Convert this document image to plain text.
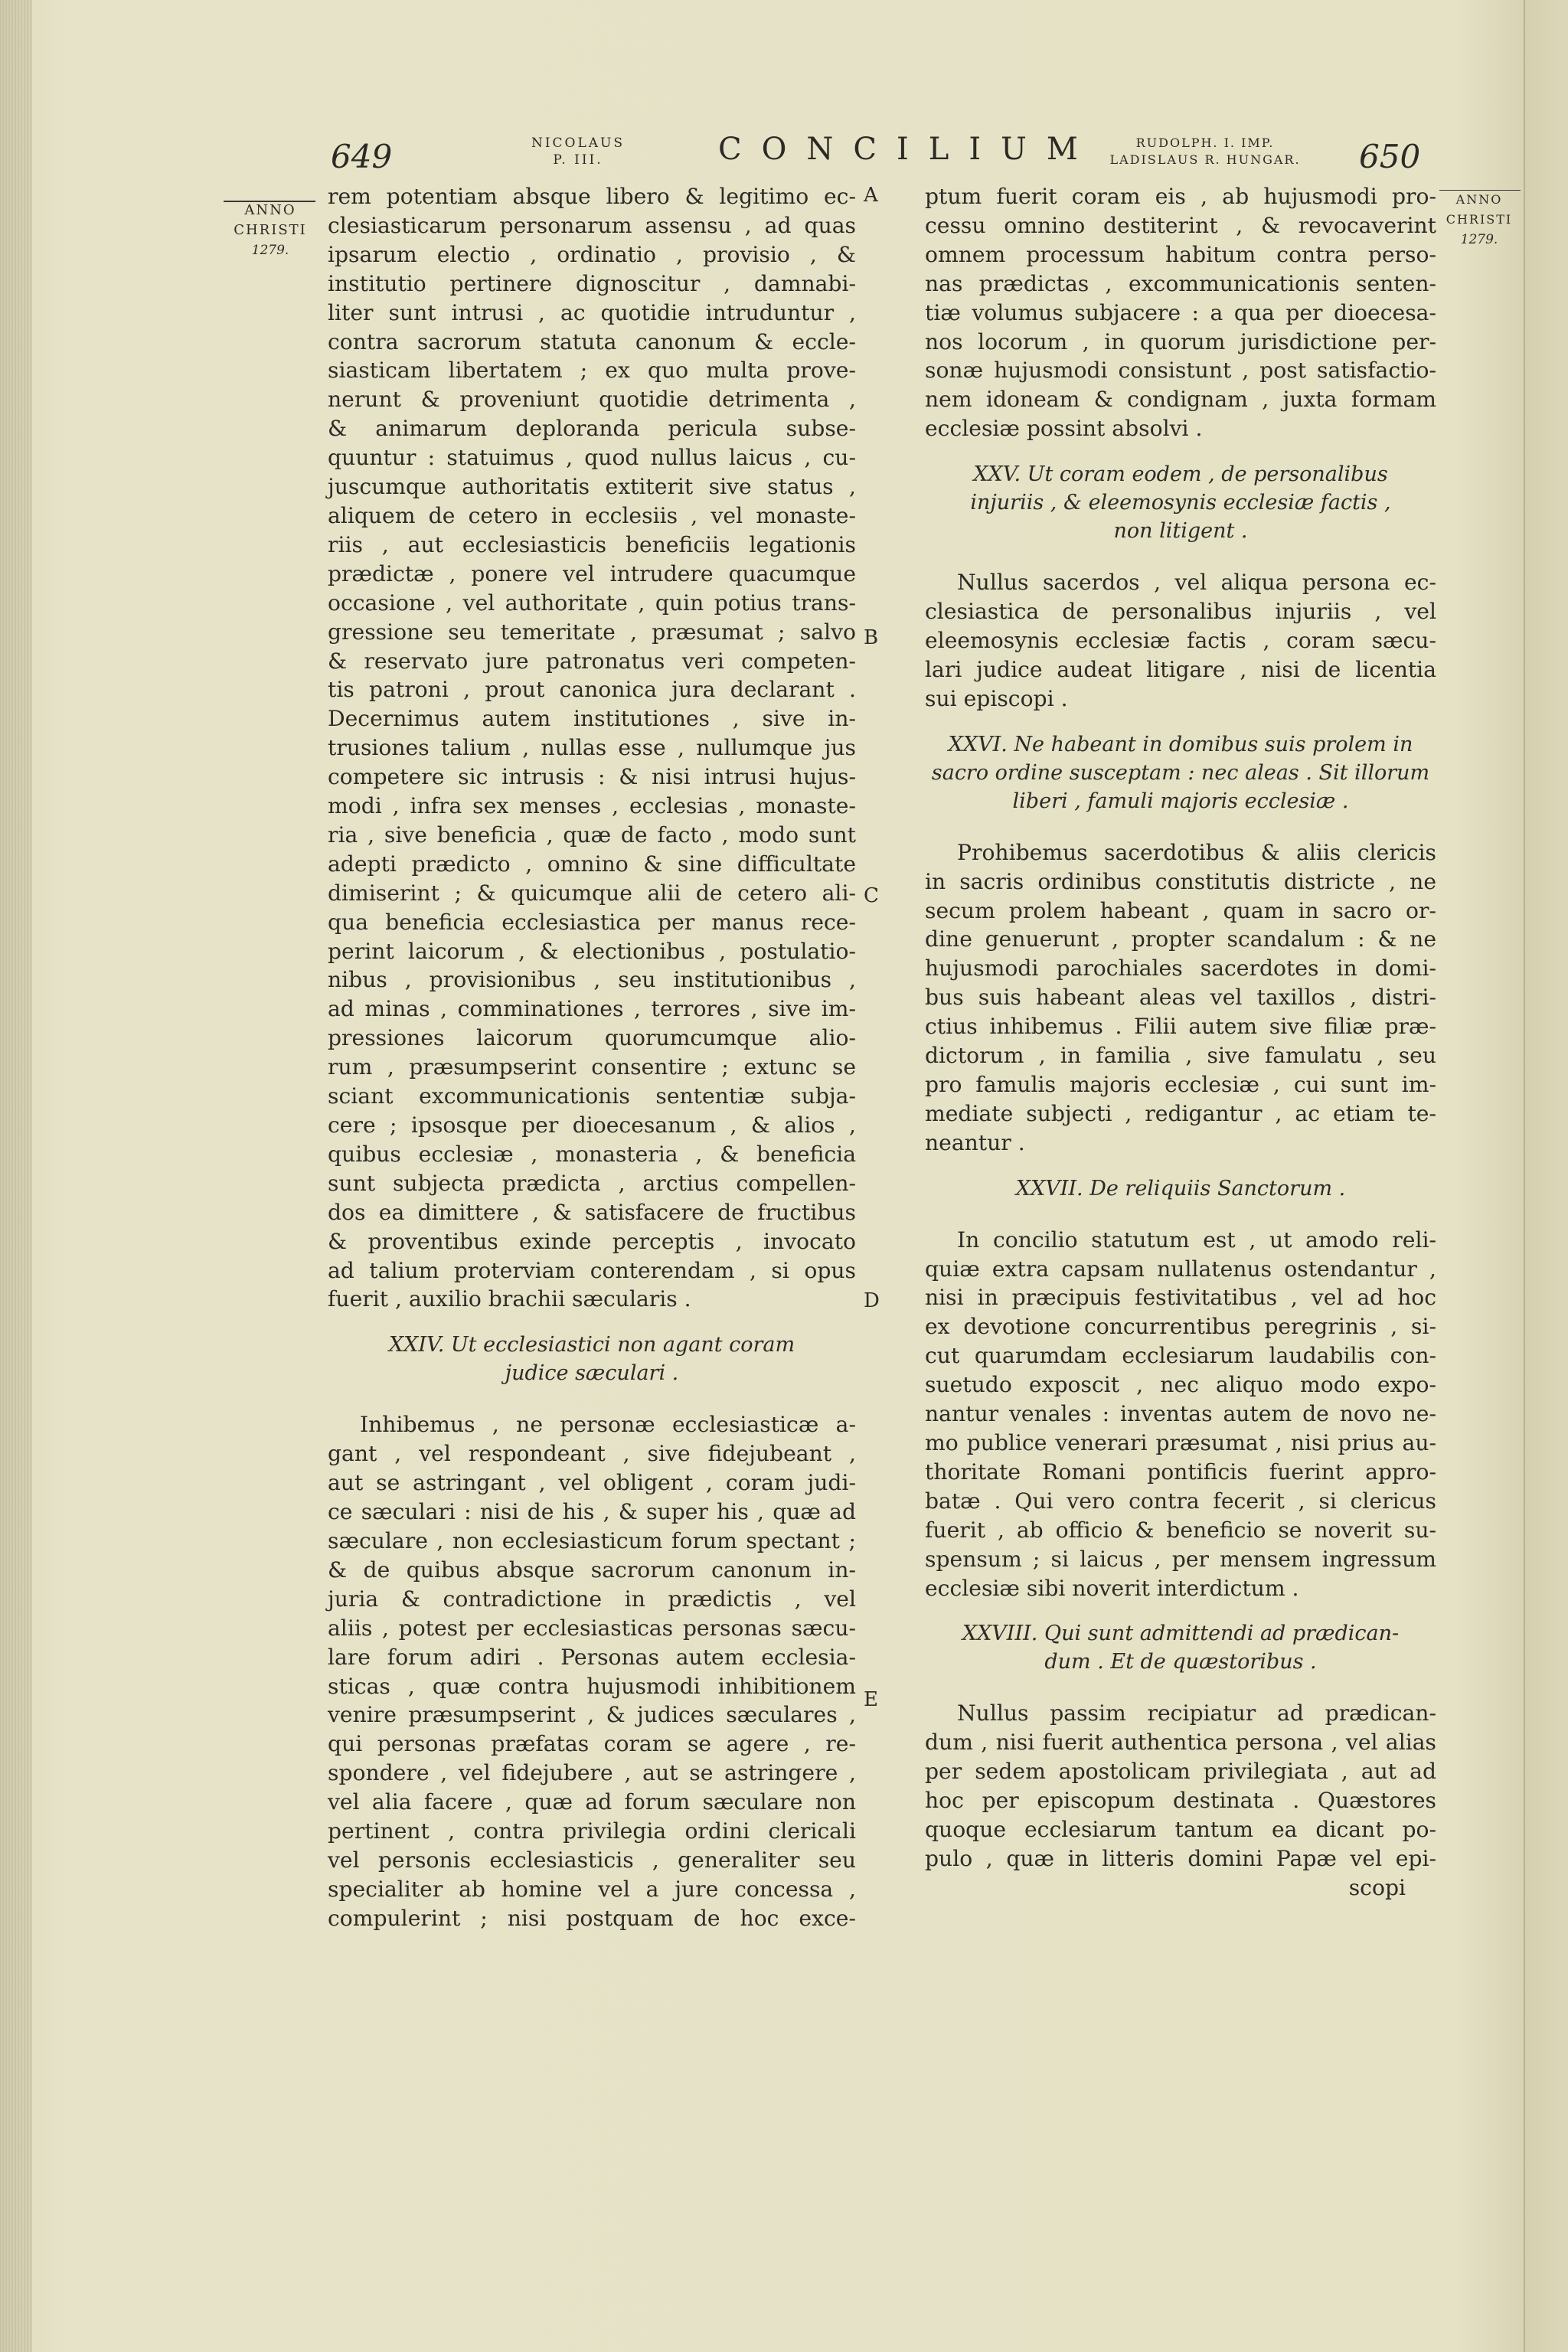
649	NICOLAUS
P. III.	CONCILIUM	RUDOLPH. I. IMP.
LADISLAUS R. HUNGAR.	650
ANNO
CHRISTI
1279.
ANNO
CHRISTI
1279.
A
B
C
D
E
rem potentiam absque libero & legitimo ec-
clesiasticarum personarum assensu , ad quas
ipsarum electio , ordinatio , provisio , &
institutio pertinere dignoscitur , damnabi-
liter sunt intrusi , ac quotidie intruduntur ,
contra sacrorum statuta canonum & eccle-
siasticam libertatem ; ex quo multa prove-
nerunt & proveniunt quotidie detrimenta ,
& animarum deploranda pericula subse-
quuntur : statuimus , quod nullus laicus , cu-
juscumque authoritatis extiterit sive status ,
aliquem de cetero in ecclesiis , vel monaste-
riis , aut ecclesiasticis beneficiis legationis
prædictæ , ponere vel intrudere quacumque
occasione , vel authoritate , quin potius trans-
gressione seu temeritate , præsumat ; salvo
& reservato jure patronatus veri competen-
tis patroni , prout canonica jura declarant .
Decernimus autem institutiones , sive in-
trusiones talium , nullas esse , nullumque jus
competere sic intrusis : & nisi intrusi hujus-
modi , infra sex menses , ecclesias , monaste-
ria , sive beneficia , quæ de facto , modo sunt
adepti prædicto , omnino & sine difficultate
dimiserint ; & quicumque alii de cetero ali-
qua beneficia ecclesiastica per manus rece-
perint laicorum , & electionibus , postulatio-
nibus , provisionibus , seu institutionibus ,
ad minas , comminationes , terrores , sive im-
pressiones laicorum quorumcumque alio-
rum , præsumpserint consentire ; extunc se
sciant excommunicationis sententiæ subja-
cere ; ipsosque per dioecesanum , & alios ,
quibus ecclesiæ , monasteria , & beneficia
sunt subjecta prædicta , arctius compellen-
dos ea dimittere , & satisfacere de fructibus
& proventibus exinde perceptis , invocato
ad talium proterviam conterendam , si opus
fuerit , auxilio brachii sæcularis .
XXIV. Ut ecclesiastici non agant coram
judice sæculari .
Inhibemus , ne personæ ecclesiasticæ a-
gant , vel respondeant , sive fidejubeant ,
aut se astringant , vel obligent , coram judi-
ce sæculari : nisi de his , & super his , quæ ad
sæculare , non ecclesiasticum forum spectant ;
& de quibus absque sacrorum canonum in-
juria & contradictione in prædictis , vel
aliis , potest per ecclesiasticas personas sæcu-
lare forum adiri . Personas autem ecclesia-
sticas , quæ contra hujusmodi inhibitionem
venire præsumpserint , & judices sæculares ,
qui personas præfatas coram se agere , re-
spondere , vel fidejubere , aut se astringere ,
vel alia facere , quæ ad forum sæculare non
pertinent , contra privilegia ordini clericali
vel personis ecclesiasticis , generaliter seu
specialiter ab homine vel a jure concessa ,
compulerint ; nisi postquam de hoc exce-
ptum fuerit coram eis , ab hujusmodi pro-
cessu omnino destiterint , & revocaverint
omnem processum habitum contra perso-
nas prædictas , excommunicationis senten-
tiæ volumus subjacere : a qua per dioecesa-
nos locorum , in quorum jurisdictione per-
sonæ hujusmodi consistunt , post satisfactio-
nem idoneam & condignam , juxta formam
ecclesiæ possint absolvi .
XXV. Ut coram eodem , de personalibus
injuriis , & eleemosynis ecclesiæ factis ,
non litigent .
Nullus sacerdos , vel aliqua persona ec-
clesiastica de personalibus injuriis , vel
eleemosynis ecclesiæ factis , coram sæcu-
lari judice audeat litigare , nisi de licentia
sui episcopi .
XXVI. Ne habeant in domibus suis prolem in
sacro ordine susceptam : nec aleas . Sit illorum
liberi , famuli majoris ecclesiæ .
Prohibemus sacerdotibus & aliis clericis
in sacris ordinibus constitutis districte , ne
secum prolem habeant , quam in sacro or-
dine genuerunt , propter scandalum : & ne
hujusmodi parochiales sacerdotes in domi-
bus suis habeant aleas vel taxillos , distri-
ctius inhibemus . Filii autem sive filiæ præ-
dictorum , in familia , sive famulatu , seu
pro famulis majoris ecclesiæ , cui sunt im-
mediate subjecti , redigantur , ac etiam te-
neantur .
XXVII. De reliquiis Sanctorum .
In concilio statutum est , ut amodo reli-
quiæ extra capsam nullatenus ostendantur ,
nisi in præcipuis festivitatibus , vel ad hoc
ex devotione concurrentibus peregrinis , si-
cut quarumdam ecclesiarum laudabilis con-
suetudo exposcit , nec aliquo modo expo-
nantur venales : inventas autem de novo ne-
mo publice venerari præsumat , nisi prius au-
thoritate Romani pontificis fuerint appro-
batæ . Qui vero contra fecerit , si clericus
fuerit , ab officio & beneficio se noverit su-
spensum ; si laicus , per mensem ingressum
ecclesiæ sibi noverit interdictum .
XXVIII. Qui sunt admittendi ad prædican-
dum . Et de quæstoribus .
Nullus passim recipiatur ad prædican-
dum , nisi fuerit authentica persona , vel alias
per sedem apostolicam privilegiata , aut ad
hoc per episcopum destinata . Quæstores
quoque ecclesiarum tantum ea dicant po-
pulo , quæ in litteris domini Papæ vel epi-
scopi
